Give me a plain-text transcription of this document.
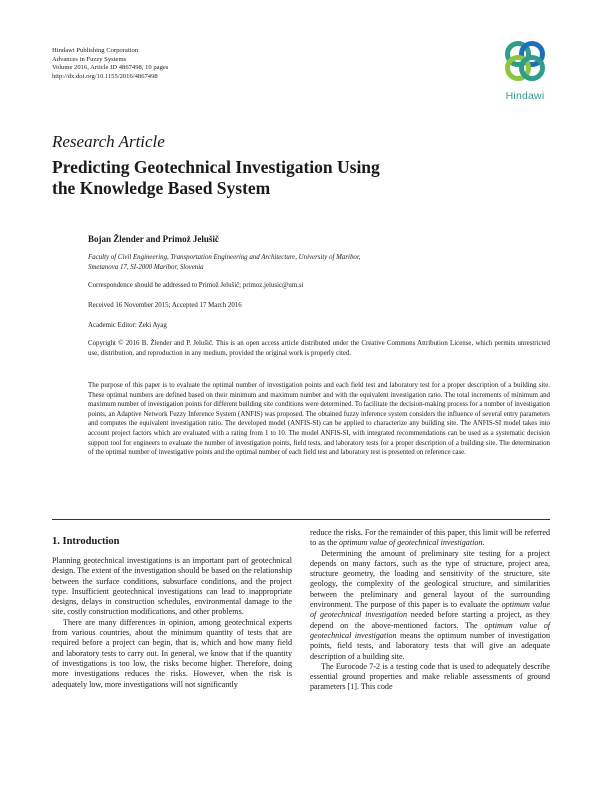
Hindawi Publishing Corporation
Advances in Fuzzy Systems
Volume 2016, Article ID 4867498, 10 pages
http://dx.doi.org/10.1155/2016/4867498
Hindawi
Research Article
Predicting Geotechnical Investigation Using
the Knowledge Based System
Bojan Žlender and Primož Jelušič
Faculty of Civil Engineering, Transportation Engineering and Architecture, University of Maribor,
Smetanova 17, SI-2000 Maribor, Slovenia
Correspondence should be addressed to Primož Jelušič; primoz.jelusic@um.si
Received 16 November 2015; Accepted 17 March 2016
Academic Editor: Zeki Ayag
Copyright © 2016 B. Žlender and P. Jelušič. This is an open access article distributed under the Creative Commons Attribution License, which permits unrestricted use, distribution, and reproduction in any medium, provided the original work is properly cited.
The purpose of this paper is to evaluate the optimal number of investigation points and each field test and laboratory test for a proper description of a building site. These optimal numbers are defined based on their minimum and maximum number and with the equivalent investigation ratio. The total increments of minimum and maximum number of investigation points for different building site conditions were determined. To facilitate the decision-making process for a number of investigation points, an Adaptive Network Fuzzy Inference System (ANFIS) was proposed. The obtained fuzzy inference system considers the influence of several entry parameters and computes the equivalent investigation ratio. The developed model (ANFIS-SI) can be applied to characterize any building site. The ANFIS-SI model takes into account project factors which are evaluated with a rating from 1 to 10. The model ANFIS-SI, with integrated recommendations can be used as a systematic decision support tool for engineers to evaluate the number of investigation points, field tests, and laboratory tests for a proper description of a building site. The determination of the optimal number of investigative points and the optimal number of each field test and laboratory test is presented on reference case.
1. Introduction

Planning geotechnical investigations is an important part of geotechnical design. The extent of the investigation should be based on the relationship between the surface conditions, subsurface conditions, and the project type. Insufficient geotechnical investigations can lead to inappropriate designs, delays in construction schedules, environmental damage to the site, costly construction modifications, and other problems.

There are many differences in opinion, among geotechnical experts from various countries, about the minimum quantity of tests that are required before a project can begin, that is, which and how many field and laboratory tests to carry out. In general, we know that if the quantity of investigations is too low, the risks become higher. Therefore, doing more investigations reduces the risks. However, when the risk is adequately low, more investigations will not significantly

reduce the risks. For the remainder of this paper, this limit will be referred to as the optimum value of geotechnical investigation.

Determining the amount of preliminary site testing for a project depends on many factors, such as the type of structure, project area, structure geometry, the loading and sensitivity of the structure, site geology, the complexity of the geological structure, and similarities between the preliminary and general layout of the surrounding environment. The purpose of this paper is to evaluate the optimum value of geotechnical investigation needed before starting a project, as they depend on the above-mentioned factors. The optimum value of geotechnical investigation means the optimum number of investigation points, field tests, and laboratory tests that will give an adequate description of a building site.

The Eurocode 7-2 is a testing code that is used to adequately describe essential ground properties and make reliable assessments of ground parameters [1]. This code
